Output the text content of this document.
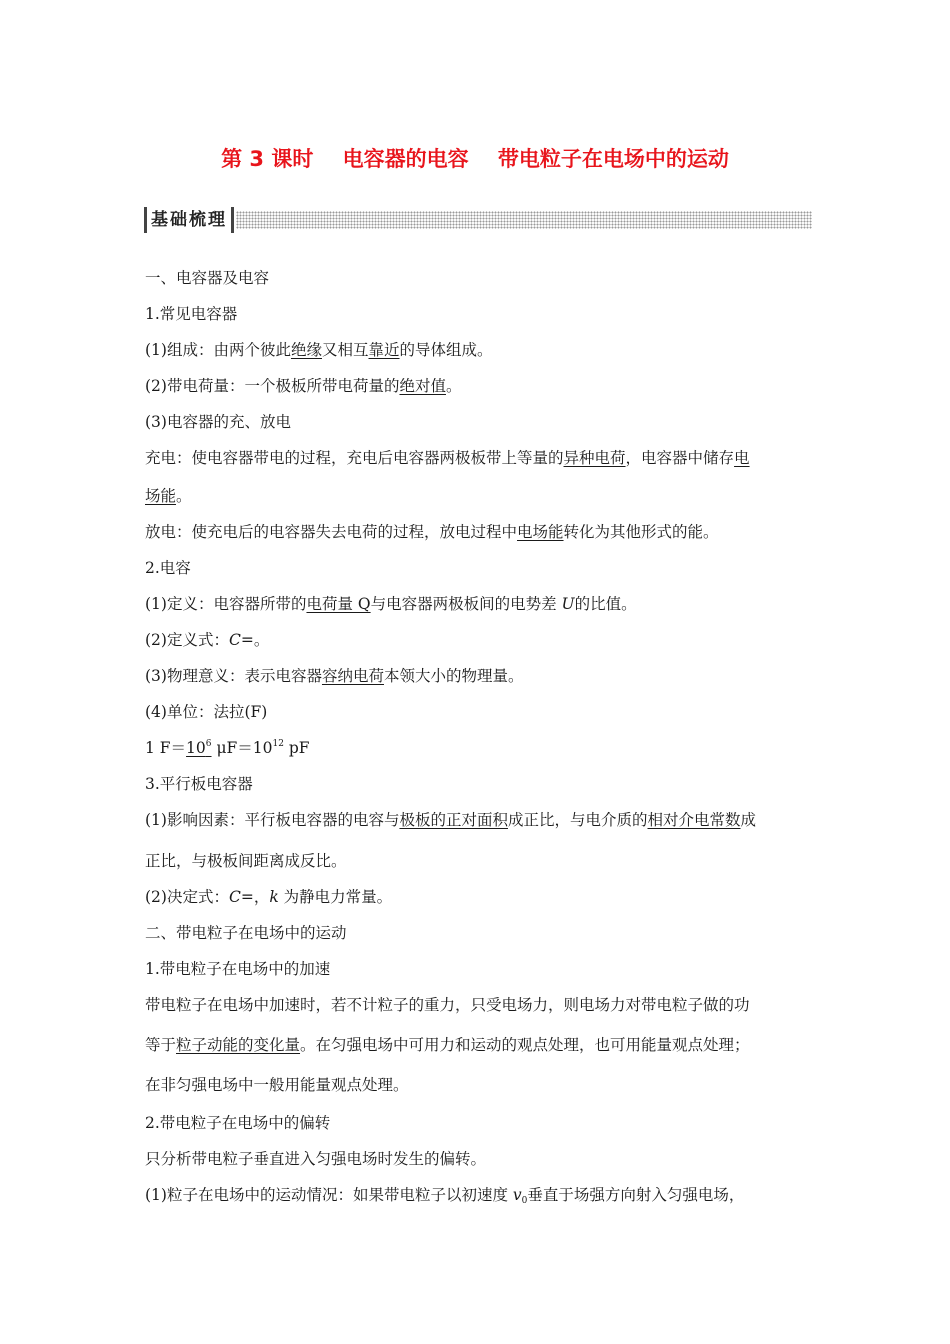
第 3 课时    电容器的电容    带电粒子在电场中的运动
基础梳理
一、电容器及电容
1.常见电容器
(1)组成：由两个彼此绝缘又相互靠近的导体组成。
(2)带电荷量：一个极板所带电荷量的绝对值。
(3)电容器的充、放电
充电：使电容器带电的过程，充电后电容器两极板带上等量的异种电荷，电容器中储存电
场能。
放电：使充电后的电容器失去电荷的过程，放电过程中电场能转化为其他形式的能。
2.电容
(1)定义：电容器所带的电荷量 Q与电容器两极板间的电势差 U的比值。
(2)定义式：C=。
(3)物理意义：表示电容器容纳电荷本领大小的物理量。
(4)单位：法拉(F)
1 $F=10^6$ $\mu F=10^{12}$ pF
3.平行板电容器
(1)影响因素：平行板电容器的电容与极板的正对面积成正比，与电介质的相对介电常数成
正比，与极板间距离成反比。
(2)决定式：C=，k 为静电力常量。
二、带电粒子在电场中的运动
1.带电粒子在电场中的加速
带电粒子在电场中加速时，若不计粒子的重力，只受电场力，则电场力对带电粒子做的功
等于粒子动能的变化量。在匀强电场中可用力和运动的观点处理，也可用能量观点处理；
在非匀强电场中一般用能量观点处理。
2.带电粒子在电场中的偏转
只分析带电粒子垂直进入匀强电场时发生的偏转。
(1)粒子在电场中的运动情况：如果带电粒子以初速度 $v_0$垂直于场强方向射入匀强电场，
